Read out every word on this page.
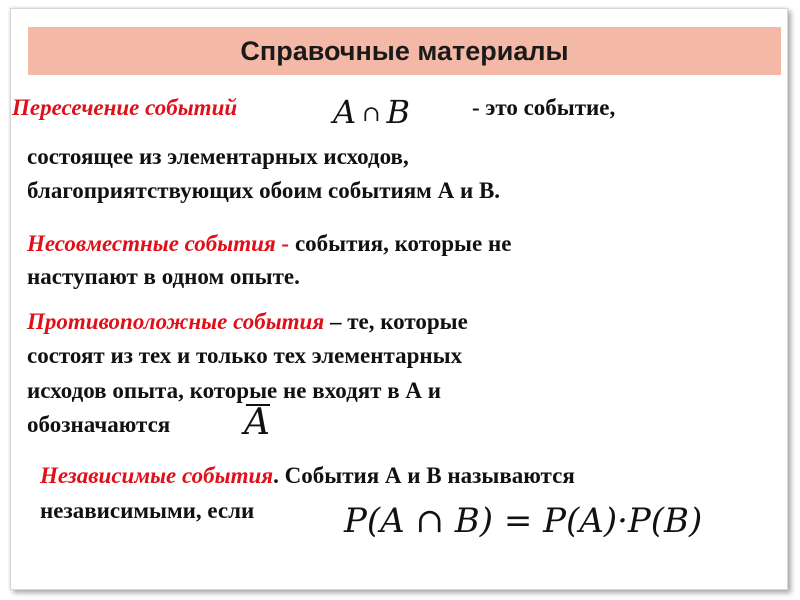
Справочные материалы
Пересечение событий	A ∩ B	- это событие,
состоящее из элементарных исходов,
благоприятствующих обоим событиям А и В.
Несовместные события - события, которые не
наступают в одном опыте.
Противоположные события – те, которые
состоят из тех и только тех элементарных
исходов опыта, которые не входят в А и
обозначаются A
Независимые события. События А и В называются
независимыми, если	P(A ∩ B) = P(A)·P(B)
